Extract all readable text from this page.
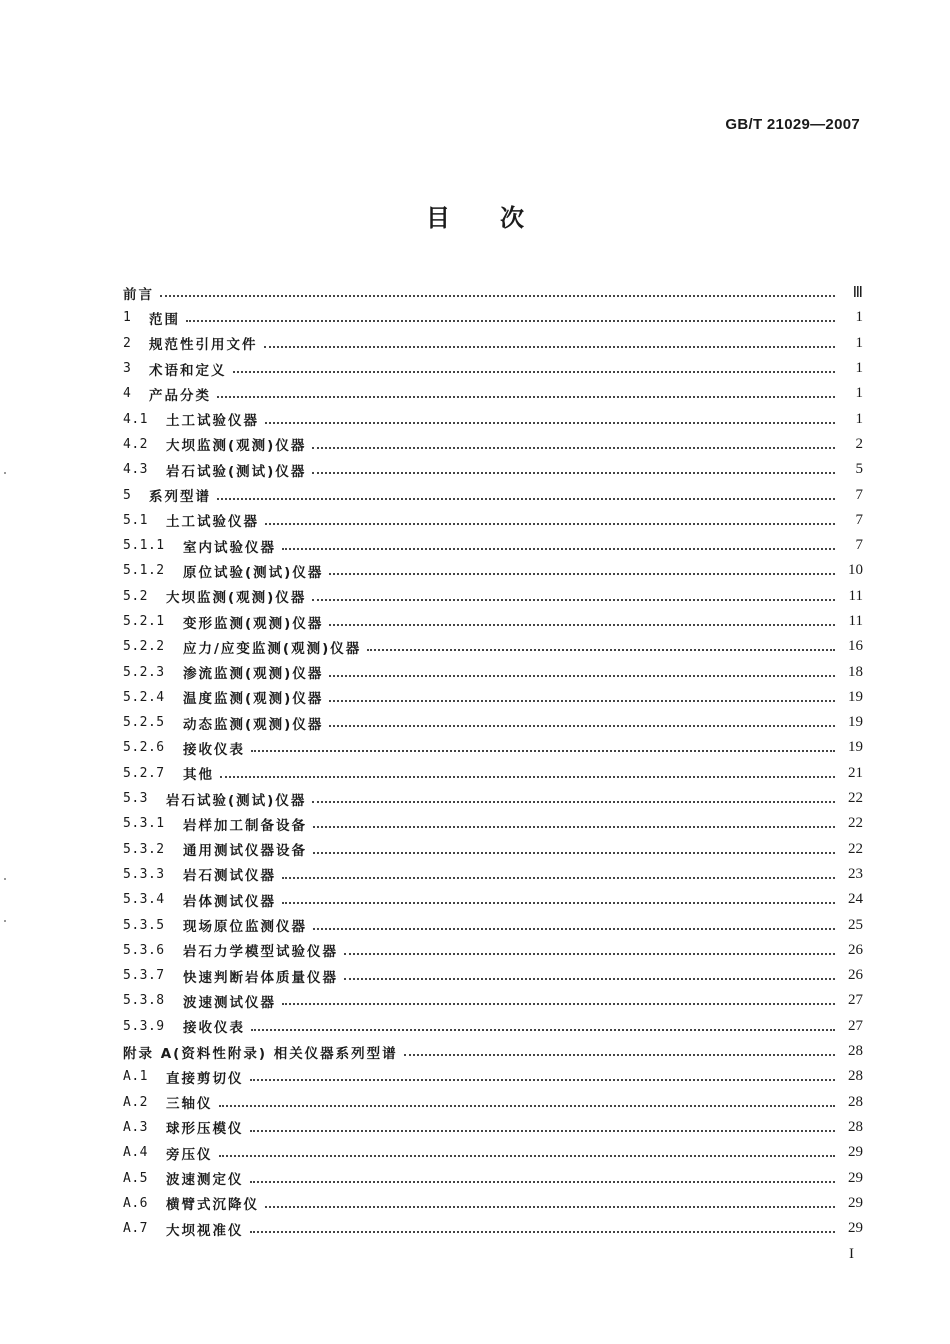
GB/T 21029—2007
目次
前言	Ⅲ
1	范围	1
2	规范性引用文件	1
3	术语和定义	1
4	产品分类	1
4.1	土工试验仪器	1
4.2	大坝监测(观测)仪器	2
4.3	岩石试验(测试)仪器	5
5	系列型谱	7
5.1	土工试验仪器	7
5.1.1	室内试验仪器	7
5.1.2	原位试验(测试)仪器	10
5.2	大坝监测(观测)仪器	11
5.2.1	变形监测(观测)仪器	11
5.2.2	应力/应变监测(观测)仪器	16
5.2.3	渗流监测(观测)仪器	18
5.2.4	温度监测(观测)仪器	19
5.2.5	动态监测(观测)仪器	19
5.2.6	接收仪表	19
5.2.7	其他	21
5.3	岩石试验(测试)仪器	22
5.3.1	岩样加工制备设备	22
5.3.2	通用测试仪器设备	22
5.3.3	岩石测试仪器	23
5.3.4	岩体测试仪器	24
5.3.5	现场原位监测仪器	25
5.3.6	岩石力学模型试验仪器	26
5.3.7	快速判断岩体质量仪器	26
5.3.8	波速测试仪器	27
5.3.9	接收仪表	27
附录 A(资料性附录) 相关仪器系列型谱	28
A.1	直接剪切仪	28
A.2	三轴仪	28
A.3	球形压模仪	28
A.4	旁压仪	29
A.5	波速测定仪	29
A.6	横臂式沉降仪	29
A.7	大坝视准仪	29
I
